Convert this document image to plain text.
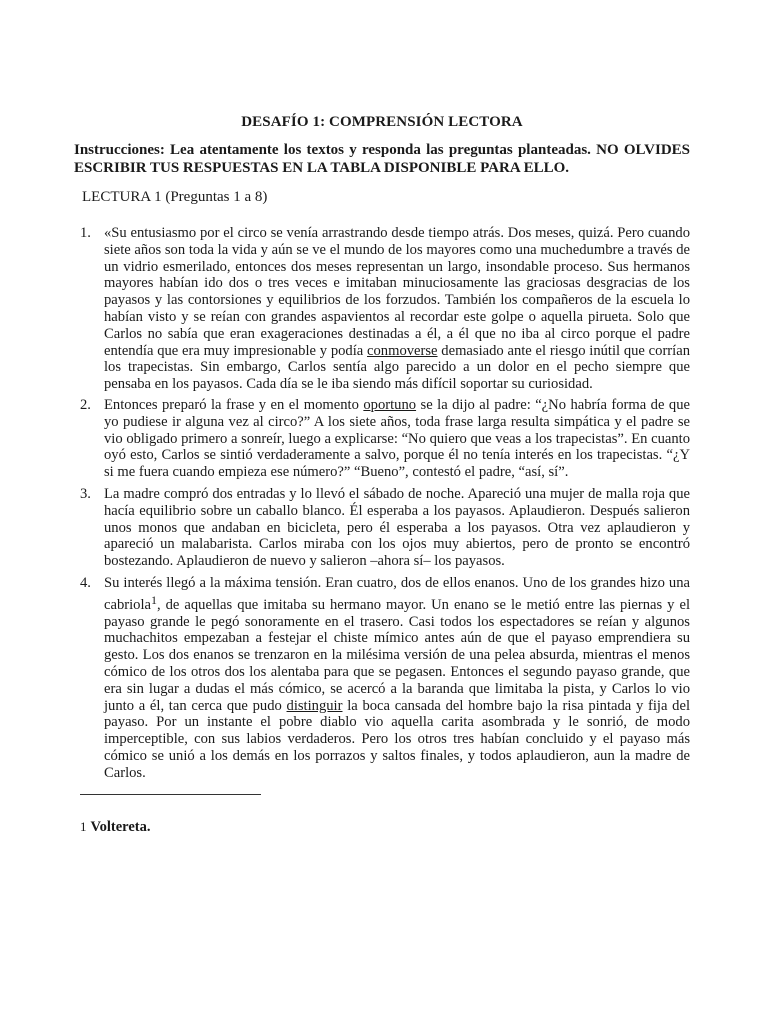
DESAFÍO 1: COMPRENSIÓN LECTORA
Instrucciones: Lea atentamente los textos y responda las preguntas planteadas. NO OLVIDES ESCRIBIR TUS RESPUESTAS EN LA TABLA DISPONIBLE PARA ELLO.
LECTURA 1 (Preguntas 1 a 8)
1. «Su entusiasmo por el circo se venía arrastrando desde tiempo atrás. Dos meses, quizá. Pero cuando siete años son toda la vida y aún se ve el mundo de los mayores como una muchedumbre a través de un vidrio esmerilado, entonces dos meses representan un largo, insondable proceso. Sus hermanos mayores habían ido dos o tres veces e imitaban minuciosamente las graciosas desgracias de los payasos y las contorsiones y equilibrios de los forzudos. También los compañeros de la escuela lo habían visto y se reían con grandes aspavientos al recordar este golpe o aquella pirueta. Solo que Carlos no sabía que eran exageraciones destinadas a él, a él que no iba al circo porque el padre entendía que era muy impresionable y podía conmoverse demasiado ante el riesgo inútil que corrían los trapecistas. Sin embargo, Carlos sentía algo parecido a un dolor en el pecho siempre que pensaba en los payasos. Cada día se le iba siendo más difícil soportar su curiosidad.
2. Entonces preparó la frase y en el momento oportuno se la dijo al padre: “¿No habría forma de que yo pudiese ir alguna vez al circo?” A los siete años, toda frase larga resulta simpática y el padre se vio obligado primero a sonreír, luego a explicarse: “No quiero que veas a los trapecistas”. En cuanto oyó esto, Carlos se sintió verdaderamente a salvo, porque él no tenía interés en los trapecistas. “¿Y si me fuera cuando empieza ese número?” “Bueno”, contestó el padre, “así, sí”.
3. La madre compró dos entradas y lo llevó el sábado de noche. Apareció una mujer de malla roja que hacía equilibrio sobre un caballo blanco. Él esperaba a los payasos. Aplaudieron. Después salieron unos monos que andaban en bicicleta, pero él esperaba a los payasos. Otra vez aplaudieron y apareció un malabarista. Carlos miraba con los ojos muy abiertos, pero de pronto se encontró bostezando. Aplaudieron de nuevo y salieron –ahora sí– los payasos.
4. Su interés llegó a la máxima tensión. Eran cuatro, dos de ellos enanos. Uno de los grandes hizo una cabriola$^1$, de aquellas que imitaba su hermano mayor. Un enano se le metió entre las piernas y el payaso grande le pegó sonoramente en el trasero. Casi todos los espectadores se reían y algunos muchachitos empezaban a festejar el chiste mímico antes aún de que el payaso emprendiera su gesto. Los dos enanos se trenzaron en la milésima versión de una pelea absurda, mientras el menos cómico de los otros dos los alentaba para que se pegasen. Entonces el segundo payaso grande, que era sin lugar a dudas el más cómico, se acercó a la baranda que limitaba la pista, y Carlos lo vio junto a él, tan cerca que pudo distinguir la boca cansada del hombre bajo la risa pintada y fija del payaso. Por un instante el pobre diablo vio aquella carita asombrada y le sonrió, de modo imperceptible, con sus labios verdaderos. Pero los otros tres habían concluido y el payaso más cómico se unió a los demás en los porrazos y saltos finales, y todos aplaudieron, aun la madre de Carlos.
1 Voltereta.
